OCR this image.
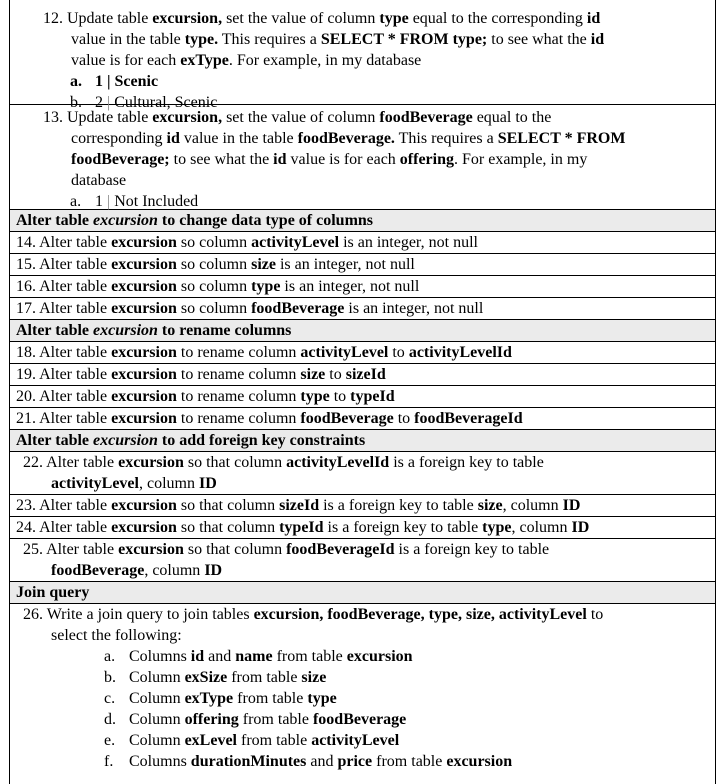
12. Update table excursion, set the value of column type equal to the corresponding id
value in the table type. This requires a SELECT * FROM type; to see what the id
value is for each exType. For example, in my database
a. 1 | Scenic
b. 2 | Cultural, Scenic
13. Update table excursion, set the value of column foodBeverage equal to the
corresponding id value in the table foodBeverage. This requires a SELECT * FROM
foodBeverage; to see what the id value is for each offering. For example, in my
database
a. 1 | Not Included
Alter table excursion to change data type of columns
14. Alter table excursion so column activityLevel is an integer, not null
15. Alter table excursion so column size is an integer, not null
16. Alter table excursion so column type is an integer, not null
17. Alter table excursion so column foodBeverage is an integer, not null
Alter table excursion to rename columns
18. Alter table excursion to rename column activityLevel to activityLevelId
19. Alter table excursion to rename column size to sizeId
20. Alter table excursion to rename column type to typeId
21. Alter table excursion to rename column foodBeverage to foodBeverageId
Alter table excursion to add foreign key constraints
22. Alter table excursion so that column activityLevelId is a foreign key to table
activityLevel, column ID
23. Alter table excursion so that column sizeId is a foreign key to table size, column ID
24. Alter table excursion so that column typeId is a foreign key to table type, column ID
25. Alter table excursion so that column foodBeverageId is a foreign key to table
foodBeverage, column ID
Join query
26. Write a join query to join tables excursion, foodBeverage, type, size, activityLevel to
select the following:
a. Columns id and name from table excursion
b. Column exSize from table size
c. Column exType from table type
d. Column offering from table foodBeverage
e. Column exLevel from table activityLevel
f. Columns durationMinutes and price from table excursion
